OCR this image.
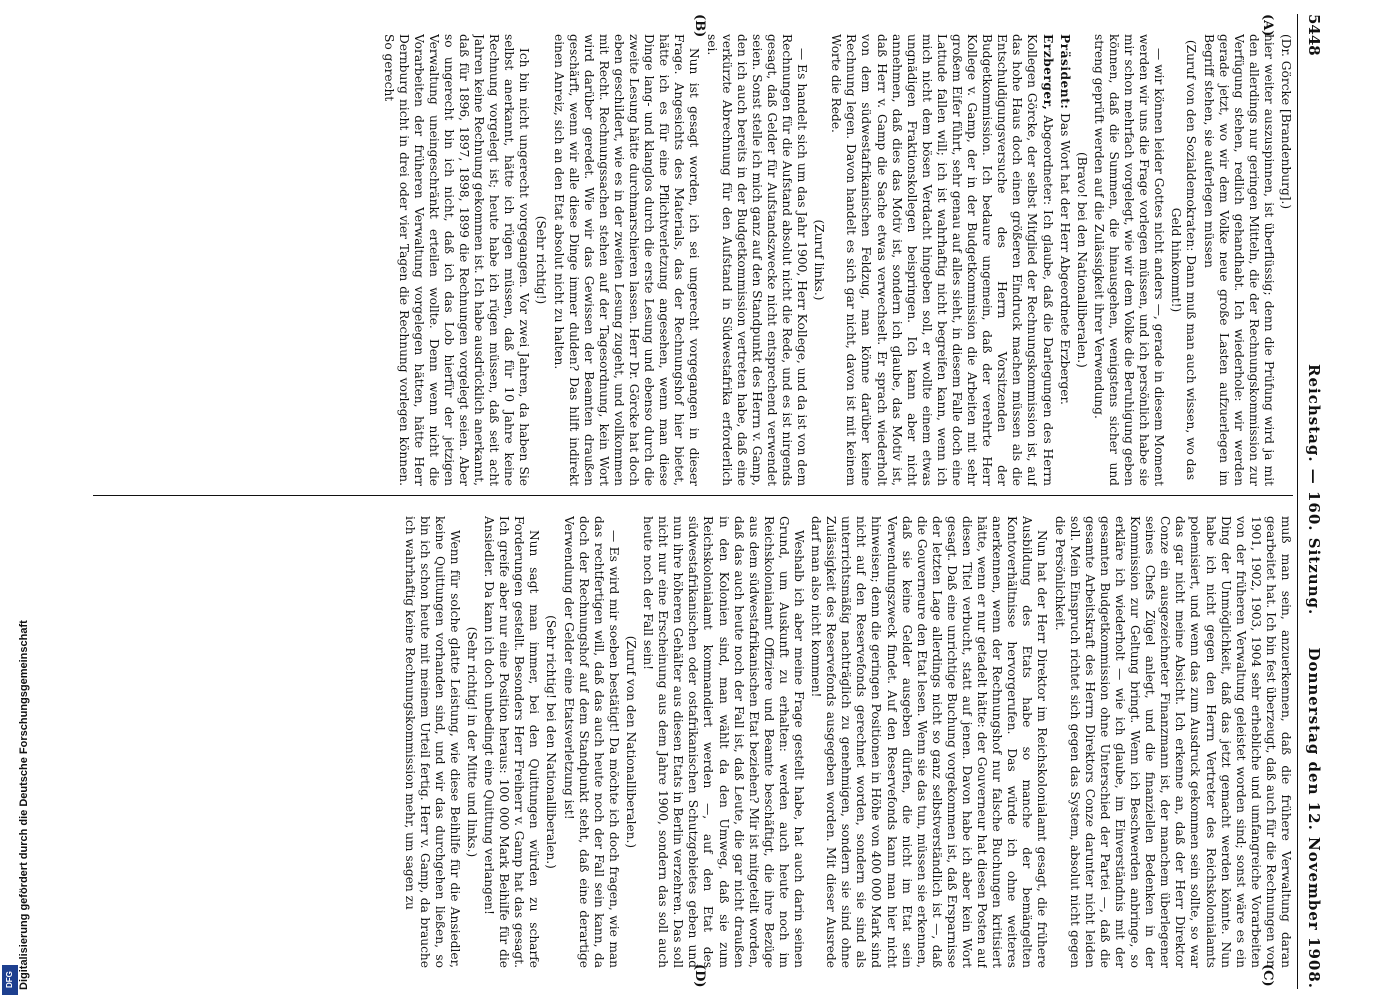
5448
Reichstag. — 160. Sitzung.
Donnerstag den 12. November 1908.
(A)
(B)
(C)
(D)

(Dr. Görcke [Brandenburg].)

hier weiter auszuspinnen, ist überflüssig; denn die Prüfung wird ja mit den allerdings nur geringen Mitteln, die der Rechnungskommission zur Verfügung stehen, redlich gehandhabt. Ich wiederhole: wir werden gerade jetzt, wo wir dem Volke neue große Lasten aufzuerlegen im Begriff stehen, sie auferlegen müssen

(Zuruf von den Sozialdemokraten: Dann muß man auch wissen, wo das Geld hinkommt!)

— wir können leider Gottes nicht anders —, gerade in diesem Moment werden wir uns die Frage vorlegen müssen, und ich persönlich habe sie mir schon mehrfach vorgelegt, wie wir dem Volke die Beruhigung geben können, daß die Summen, die hinausgehen, wenigstens sicher und streng geprüft werden auf die Zulässigkeit ihrer Verwendung.

(Bravo! bei den Nationalliberalen.)

Präsident: Das Wort hat der Herr Abgeordnete Erzberger.

Erzberger, Abgeordneter: Ich glaube, daß die Darlegungen des Herrn Kollegen Görcke, der selbst Mitglied der Rechnungskommission ist, auf das hohe Haus doch einen größeren Eindruck machen müssen als die Entschuldigungsversuche des Herrn Vorsitzenden der Budgetkommission. Ich bedaure ungemein, daß der verehrte Herr Kollege v. Gamp, der in der Budgetkommission die Arbeiten mit sehr großem Eifer führt, sehr genau auf alles sieht, in diesem Falle doch eine Lattude fallen will; ich ist wahrhaftig nicht begreifen kann, wenn ich mich nicht dem bösen Verdacht hingeben soll, er wollte einem etwas ungnädigen Fraktionskollegen beispringen. Ich kann aber nicht annehmen, daß dies das Motiv ist, sondern ich glaube, das Motiv ist, daß Herr v. Gamp die Sache etwas verwechselt. Er sprach wiederholt von dem südwestafrikanischen Feldzug, man könne darüber keine Rechnung legen. Davon handelt es sich gar nicht, davon ist mit keinem Worte die Rede.

(Zuruf links.)

— Es handelt sich um das Jahr 1900, Herr Kollege, und da ist von dem Rechnungen für die Aufstand absolut nicht die Rede, und es ist nirgends gesagt, daß Gelder für Aufstandszwecke nicht entsprechend verwendet seien. Sonst stelle ich mich ganz auf den Standpunkt des Herrn v. Gamp, den ich auch bereits in der Budgetkommission vertreten habe, daß eine verkürzte Abrechnung für den Aufstand in Südwestafrika erforderlich sei.

Nun ist gesagt worden, ich sei ungerecht vorgegangen in dieser Frage. Angesichts des Materials, das der Rechnungshof hier bietet, hätte ich es für eine Pflichtverletzung angesehen, wenn man diese Dinge lang- und klanglos durch die erste Lesung und ebenso durch die zweite Lesung hätte durchmarschieren lassen. Herr Dr. Görcke hat doch eben geschildert, wie es in der zweiten Lesung zugeht, und vollkommen mit Recht. Rechnungssachen stehen auf der Tagesordnung, kein Wort wird darüber geredet. Wie wir das Gewissen der Beamten draußen geschärft, wenn wir alle diese Dinge immer dulden? Das hilft indirekt einen Anreiz, sich an den Etat absolut nicht zu halten.

(Sehr richtig!)

Ich bin nicht ungerecht vorgegangen. Vor zwei Jahren, da haben Sie selbst anerkannt, hätte ich rügen müssen, daß für 10 Jahre keine Rechnung vorgelegt ist; heute habe ich rügen müssen, daß seit acht Jahren keine Rechnung gekommen ist. Ich habe ausdrücklich anerkannt, daß für 1896, 1897, 1898, 1899 die Rechnungen vorgelegt seien. Aber so ungerecht bin ich nicht, daß ich das Lob hierfür der jetzigen Verwaltung uneingeschränkt erteilen wollte. Denn wenn nicht die Vorarbeiten der früheren Verwaltung vorgelegen hätten, hätte Herr Dernburg nicht in drei oder vier Tagen die Rechnung vorlegen können. So gerecht

muß man sein, anzuerkennen, daß die frühere Verwaltung daran gearbeitet hat. Ich bin fest überzeugt, daß auch für die Rechnungen von 1901, 1902, 1903, 1904 sehr erhebliche und umfangreiche Vorarbeiten von der früheren Verwaltung geleistet worden sind; sonst wäre es ein Ding der Unmöglichkeit, daß das jetzt gemacht werden könnte. Nun habe ich nicht gegen den Herrn Vertreter des Reichskolonialamts polemisiert, und wenn das zum Ausdruck gekommen sein sollte, so war das gar nicht meine Absicht. Ich erkenne an, daß der Herr Direktor Conze ein ausgezeichneter Finanzmann ist, der manchem überlegener seines Chefs Zügel anlegt, und die finanziellen Bedenken in der Kommission zur Geltung bringt. Wenn ich Beschwerden anbringe, so erkläre ich wiederholt — wie ich glaube, im Einverständnis mit der gesamten Budgetkommission ohne Unterschied der Partei —, daß die gesamte Arbeitskraft des Herrn Direktors Conze darunter nicht leiden soll. Mein Einspruch richtet sich gegen das System, absolut nicht gegen die Persönlichkeit.

Nun hat der Herr Direktor im Reichskolonialamt gesagt, die frühere Ausbildung des Etats habe so manche der bemängelten Kontoverhältnisse hervorgerufen. Das würde ich ohne weiteres anerkennen, wenn der Rechnungshof nur falsche Buchungen kritisiert hätte, wenn er nur getadelt hätte: der Gouverneur hat diesen Posten auf diesen Titel verbucht, statt auf jenen. Davon habe ich aber kein Wort gesagt. Daß eine unrichtige Buchung vorgekommen ist, daß Ersparnisse der letzten Lage allerdings nicht so ganz selbstverständlich ist —, daß die Gouverneure den Etat lesen. Wenn sie das tun, müssen sie erkennen, daß sie keine Gelder ausgeben dürfen, die nicht im Etat sein Verwendungszweck findet. Auf den Reservefonds kann man hier nicht hinweisen; denn die geringen Positionen in Höhe von 400 000 Mark sind nicht auf den Reservefonds gerechnet worden, sondern sie sind als unterrichtsmäßig nachträglich zu genehmigen, sondern sie sind ohne Zulässigkeit des Reservefonds ausgegeben worden. Mit dieser Ausrede darf man also nicht kommen!

Weshalb ich aber meine Frage gestellt habe, hat auch darin seinen Grund, um Auskunft zu erhalten: werden auch heute noch im Reichskolonialamt Offiziere und Beamte beschäftigt, die ihre Bezüge aus dem südwestafrikanischen Etat beziehen? Mir ist mitgeteilt worden, daß das auch heute noch der Fall ist, daß Leute, die gar nicht draußen in den Kolonien sind, man wählt da den Umweg, daß sie zum Reichskolonialamt kommandiert werden —, auf den Etat des südwestafrikanischen oder ostafrikanischen Schutzgebietes geben und nun ihre höheren Gehälter aus diesen Etats in Berlin verzehren. Das soll nicht nur eine Erscheinung aus dem Jahre 1900, sondern das soll auch heute noch der Fall sein!

(Zuruf von den Nationalliberalen.)

— Es wird mir soeben bestätigt! Da möchte ich doch fragen, wie man das rechtfertigen will, daß das auch heute noch der Fall sein kann, da doch der Rechnungshof auf dem Standpunkt steht, daß eine derartige Verwendung der Gelder eine Etatsverletzung ist!

(Sehr richtig! bei den Nationalliberalen.)

Nun sagt man immer, bei den Quittungen würden zu scharfe Forderungen gestellt. Besonders Herr Freiherr v. Gamp hat das gesagt. Ich greife aber nur eine Position heraus: 100 000 Mark Beihilfe für die Ansiedler. Da kann ich doch unbedingt eine Quittung verlangen!

(Sehr richtig! in der Mitte und links.)

Wenn für solche glatte Leistung, wie diese Beihilfe für die Ansiedler, keine Quittungen vorhanden sind, und wir das durchgehen ließen, so bin ich schon heute mit meinem Urteil fertig. Herr v. Gamp, da brauche ich wahrhaftig keine Rechnungskommission mehr, um sagen zu

Digitalisierung gefördert durch die Deutsche Forschungsgemeinschaft
DFG
